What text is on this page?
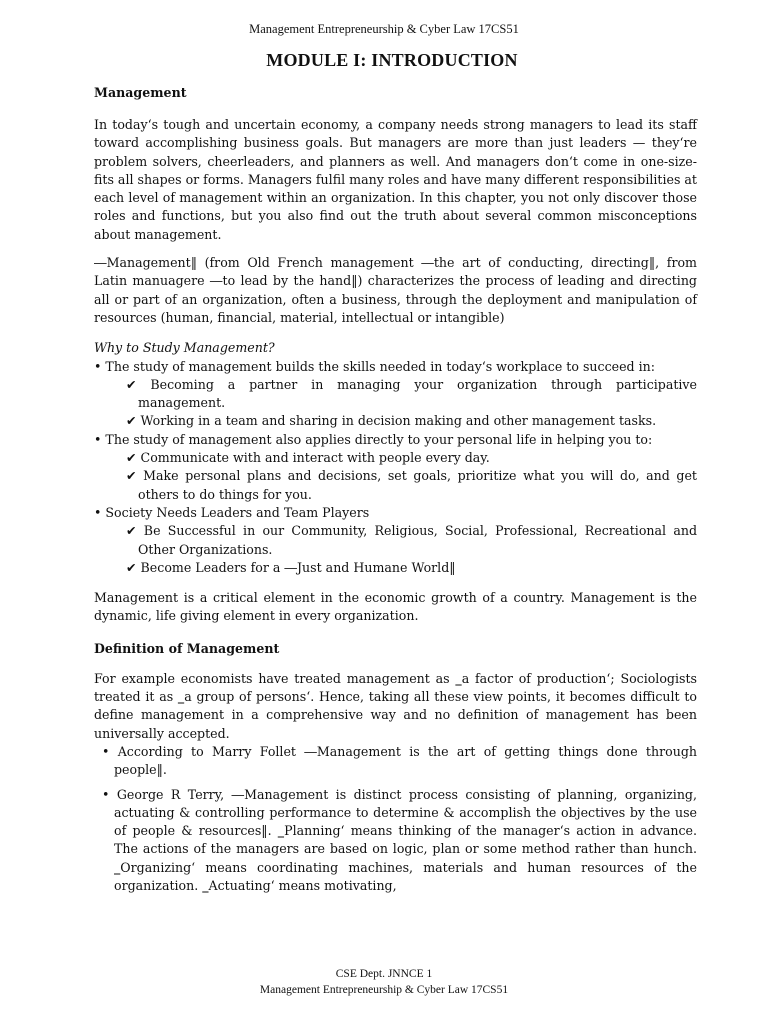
Management Entrepreneurship & Cyber Law 17CS51
MODULE I: INTRODUCTION

Management

In today‘s tough and uncertain economy, a company needs strong managers to lead its staff toward accomplishing business goals. But managers are more than just leaders — they‘re problem solvers, cheerleaders, and planners as well. And managers don‘t come in one-size-fits all shapes or forms. Managers fulfil many roles and have many different responsibilities at each level of management within an organization. In this chapter, you not only discover those roles and functions, but you also find out the truth about several common misconceptions about management.

―Management‖ (from Old French management ―the art of conducting, directing‖, from Latin manuagere ―to lead by the hand‖) characterizes the process of leading and directing all or part of an organization, often a business, through the deployment and manipulation of resources (human, financial, material, intellectual or intangible)

Why to Study Management?

• The study of management builds the skills needed in today‘s workplace to succeed in:

✔ Becoming a partner in managing your organization through participative management.

✔ Working in a team and sharing in decision making and other management tasks.

• The study of management also applies directly to your personal life in helping you to:

✔ Communicate with and interact with people every day.

✔ Make personal plans and decisions, set goals, prioritize what you will do, and get others to do things for you.

• Society Needs Leaders and Team Players

✔ Be Successful in our Community, Religious, Social, Professional, Recreational and Other Organizations.

✔ Become Leaders for a ―Just and Humane World‖

Management is a critical element in the economic growth of a country. Management is the dynamic, life giving element in every organization.

Definition of Management

For example economists have treated management as ‗a factor of production‘; Sociologists treated it as ‗a group of persons‘. Hence, taking all these view points, it becomes difficult to define management in a comprehensive way and no definition of management has been universally accepted.

• According to Marry Follet ―Management is the art of getting things done through people‖.

• George R Terry, ―Management is distinct process consisting of planning, organizing, actuating & controlling performance to determine & accomplish the objectives by the use of people & resources‖. ‗Planning‘ means thinking of the manager‘s action in advance. The actions of the managers are based on logic, plan or some method rather than hunch. ‗Organizing‘ means coordinating machines, materials and human resources of the organization. ‗Actuating‘ means motivating,

CSE Dept. JNNCE 1
Management Entrepreneurship & Cyber Law 17CS51
